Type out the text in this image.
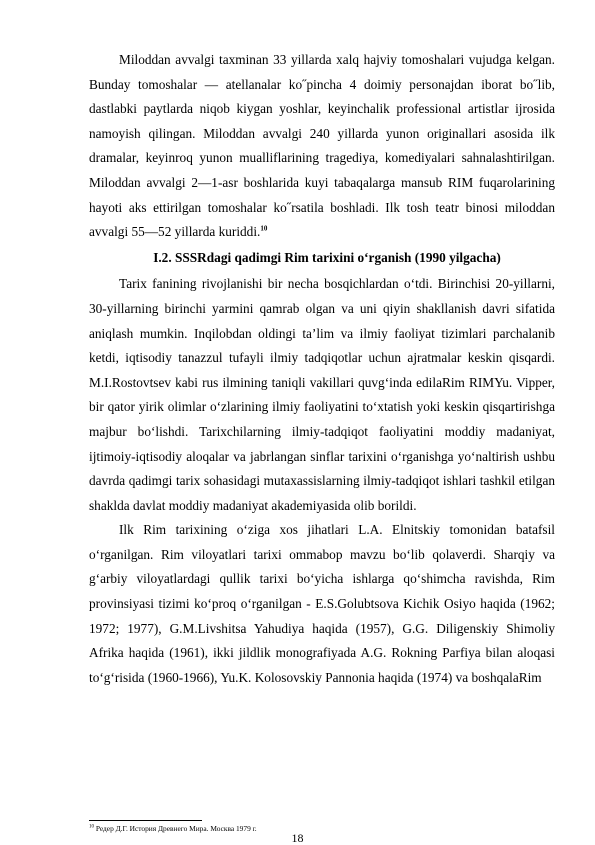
Miloddan avvalgi taxminan 33 yillarda xalq hajviy tomoshalari vujudga kelgan. Bunday tomoshalar — atellanalar ko˝pincha 4 doimiy personajdan iborat bo˝lib, dastlabki paytlarda niqob kiygan yoshlar, keyinchalik professional artistlar ijrosida namoyish qilingan. Miloddan avvalgi 240 yillarda yunon originallari asosida ilk dramalar, keyinroq yunon mualliflarining tragediya, komediyalari sahnalashtirilgan. Miloddan avvalgi 2—1-asr boshlarida kuyi tabaqalarga mansub RIM fuqarolarining hayoti aks ettirilgan tomoshalar ko˝rsatila boshladi. Ilk tosh teatr binosi miloddan avvalgi 55—52 yillarda kuriddi.$^{10}$

I.2. SSSRdagi qadimgi Rim tarixini o‘rganish (1990 yilgacha)

Tarix fanining rivojlanishi bir necha bosqichlardan o‘tdi. Birinchisi 20-yillarni, 30-yillarning birinchi yarmini qamrab olgan va uni qiyin shakllanish davri sifatida aniqlash mumkin. Inqilobdan oldingi ta’lim va ilmiy faoliyat tizimlari parchalanib ketdi, iqtisodiy tanazzul tufayli ilmiy tadqiqotlar uchun ajratmalar keskin qisqardi. M.I.Rostovtsev kabi rus ilmining taniqli vakillari quvg‘inda edilaRim RIMYu. Vipper, bir qator yirik olimlar o‘zlarining ilmiy faoliyatini to‘xtatish yoki keskin qisqartirishga majbur bo‘lishdi. Tarixchilarning ilmiy-tadqiqot faoliyatini moddiy madaniyat, ijtimoiy-iqtisodiy aloqalar va jabrlangan sinflar tarixini o‘rganishga yo‘naltirish ushbu davrda qadimgi tarix sohasidagi mutaxassislarning ilmiy-tadqiqot ishlari tashkil etilgan shaklda davlat moddiy madaniyat akademiyasida olib borildi.

Ilk Rim tarixining o‘ziga xos jihatlari L.A. Elnitskiy tomonidan batafsil o‘rganilgan. Rim viloyatlari tarixi ommabop mavzu bo‘lib qolaverdi. Sharqiy va g‘arbiy viloyatlardagi qullik tarixi bo‘yicha ishlarga qo‘shimcha ravishda, Rim provinsiyasi tizimi ko‘proq o‘rganilgan - E.S.Golubtsova Kichik Osiyo haqida (1962; 1972; 1977), G.M.Livshitsa Yahudiya haqida (1957), G.G. Diligenskiy Shimoliy Afrika haqida (1961), ikki jildlik monografiyada A.G. Rokning Parfiya bilan aloqasi to‘g‘risida (1960-1966), Yu.K. Kolosovskiy Pannonia haqida (1974) va boshqalaRim

$^{10}$ Редер Д.Г. История Древнего Мира. Москва 1979 г.
18
